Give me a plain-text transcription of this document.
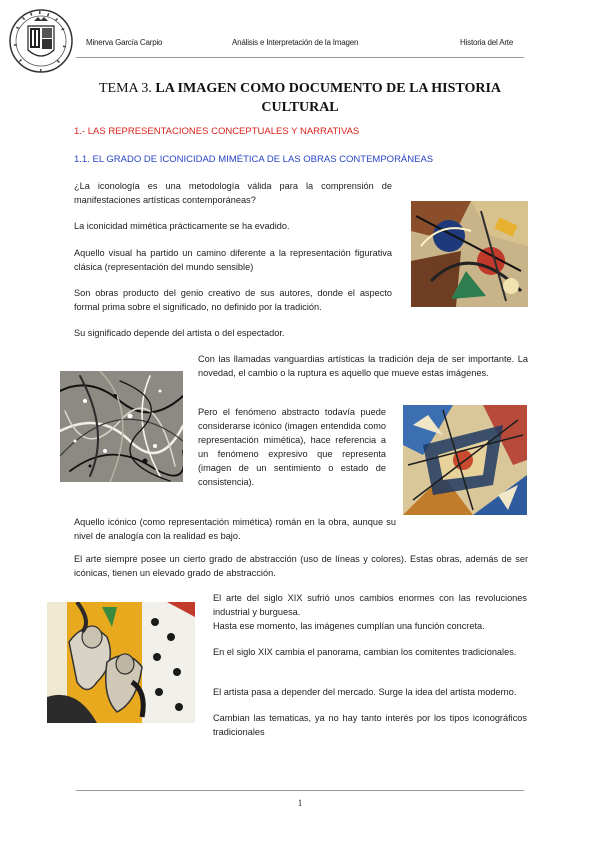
Minerva García Carpio	Análisis e Interpretación de la Imagen	Historia del Arte
TEMA 3. LA IMAGEN COMO DOCUMENTO DE LA HISTORIA
CULTURAL
1.- LAS REPRESENTACIONES CONCEPTUALES Y NARRATIVAS
1.1. EL GRADO DE ICONICIDAD MIMÉTICA DE LAS OBRAS CONTEMPORÁNEAS
¿La iconología es una metodología válida para la comprensión de manifestaciones artísticas contemporáneas?
La iconicidad mimética prácticamente se ha evadido.
Aquello visual ha partido un camino diferente a la representación figurativa clásica (representación del mundo sensible)
Son obras producto del genio creativo de sus autores, donde el aspecto formal prima sobre el significado, no definido por la tradición.
Su significado depende del artista o del espectador.
Con las llamadas vanguardias artísticas la tradición deja de ser importante. La novedad, el cambio o la ruptura es aquello que mueve estas imágenes.
Pero el fenómeno abstracto todavía puede considerarse icónico (imagen entendida como representación mimética), hace referencia a un fenómeno expresivo que representa (imagen de un sentimiento o estado de consistencia).
Aquello icónico (como representación mimética) román en la obra, aunque su nivel de analogía con la realidad es bajo.
El arte siempre posee un cierto grado de abstracción (uso de líneas y colores). Estas obras, además de ser icónicas, tienen un elevado grado de abstracción.
El arte del siglo XIX sufrió unos cambios enormes con las revoluciones industrial y burguesa.
Hasta ese momento, las imágenes cumplían una función concreta.
En el siglo XIX cambia el panorama, cambian los comitentes tradicionales.
El artista pasa a depender del mercado. Surge la idea del artista moderno.
Cambian las tematicas, ya no hay tanto interés por los tipos iconográficos tradicionales
1
